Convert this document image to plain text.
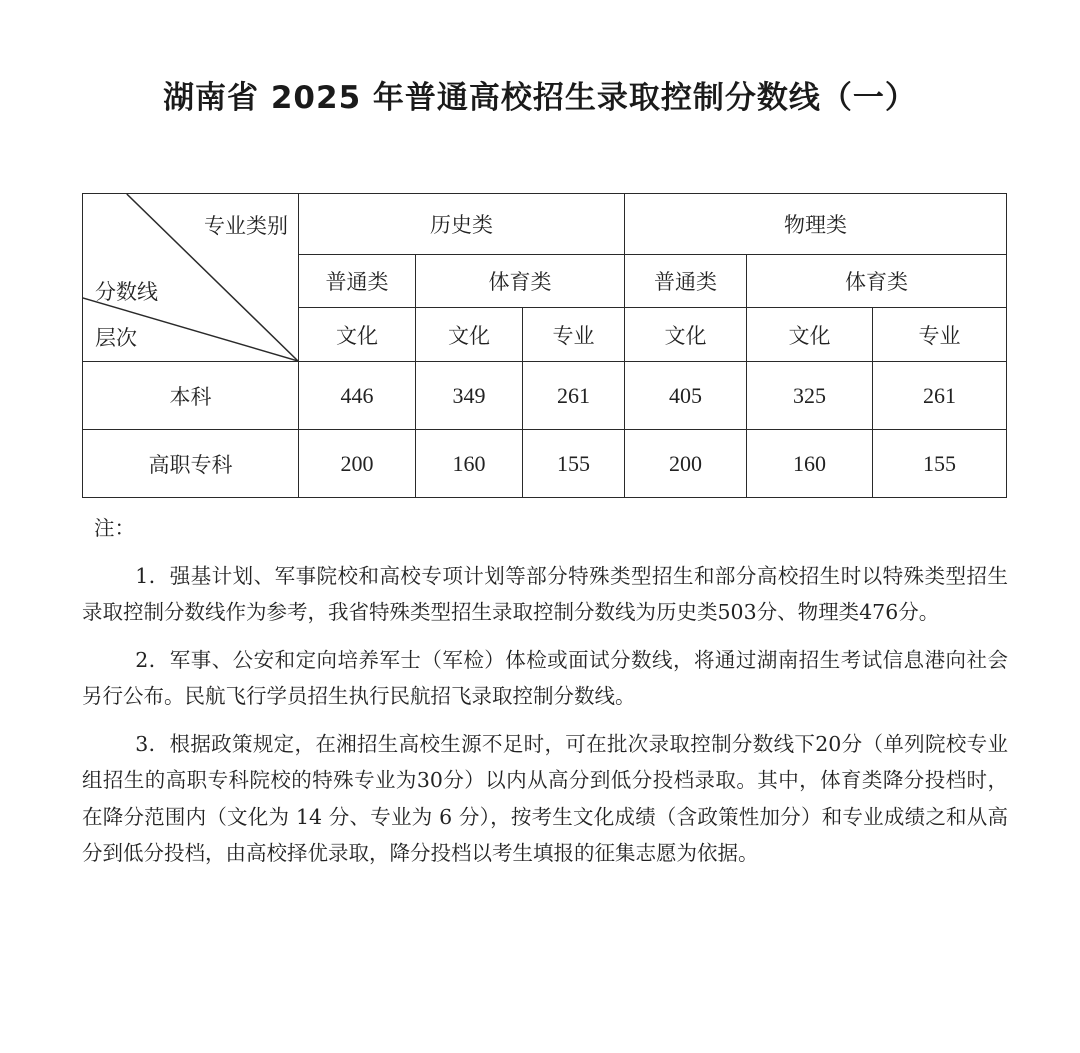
湖南省 2025 年普通高校招生录取控制分数线（一）
专业类别
分数线
层次	历史类			物理类		
	普通类	体育类		普通类	体育类	
	文化	文化	专业	文化	文化	专业
本科	446	349	261	405	325	261
高职专科	200	160	155	200	160	155
注：

1．强基计划、军事院校和高校专项计划等部分特殊类型招生和部分高校招生时以特殊类型招生录取控制分数线作为参考，我省特殊类型招生录取控制分数线为历史类503分、物理类476分。

2．军事、公安和定向培养军士（军检）体检或面试分数线，将通过湖南招生考试信息港向社会另行公布。民航飞行学员招生执行民航招飞录取控制分数线。

3．根据政策规定，在湘招生高校生源不足时，可在批次录取控制分数线下20分（单列院校专业组招生的高职专科院校的特殊专业为30分）以内从高分到低分投档录取。其中，体育类降分投档时，在降分范围内（文化为 14 分、专业为 6 分），按考生文化成绩（含政策性加分）和专业成绩之和从高分到低分投档，由高校择优录取，降分投档以考生填报的征集志愿为依据。
